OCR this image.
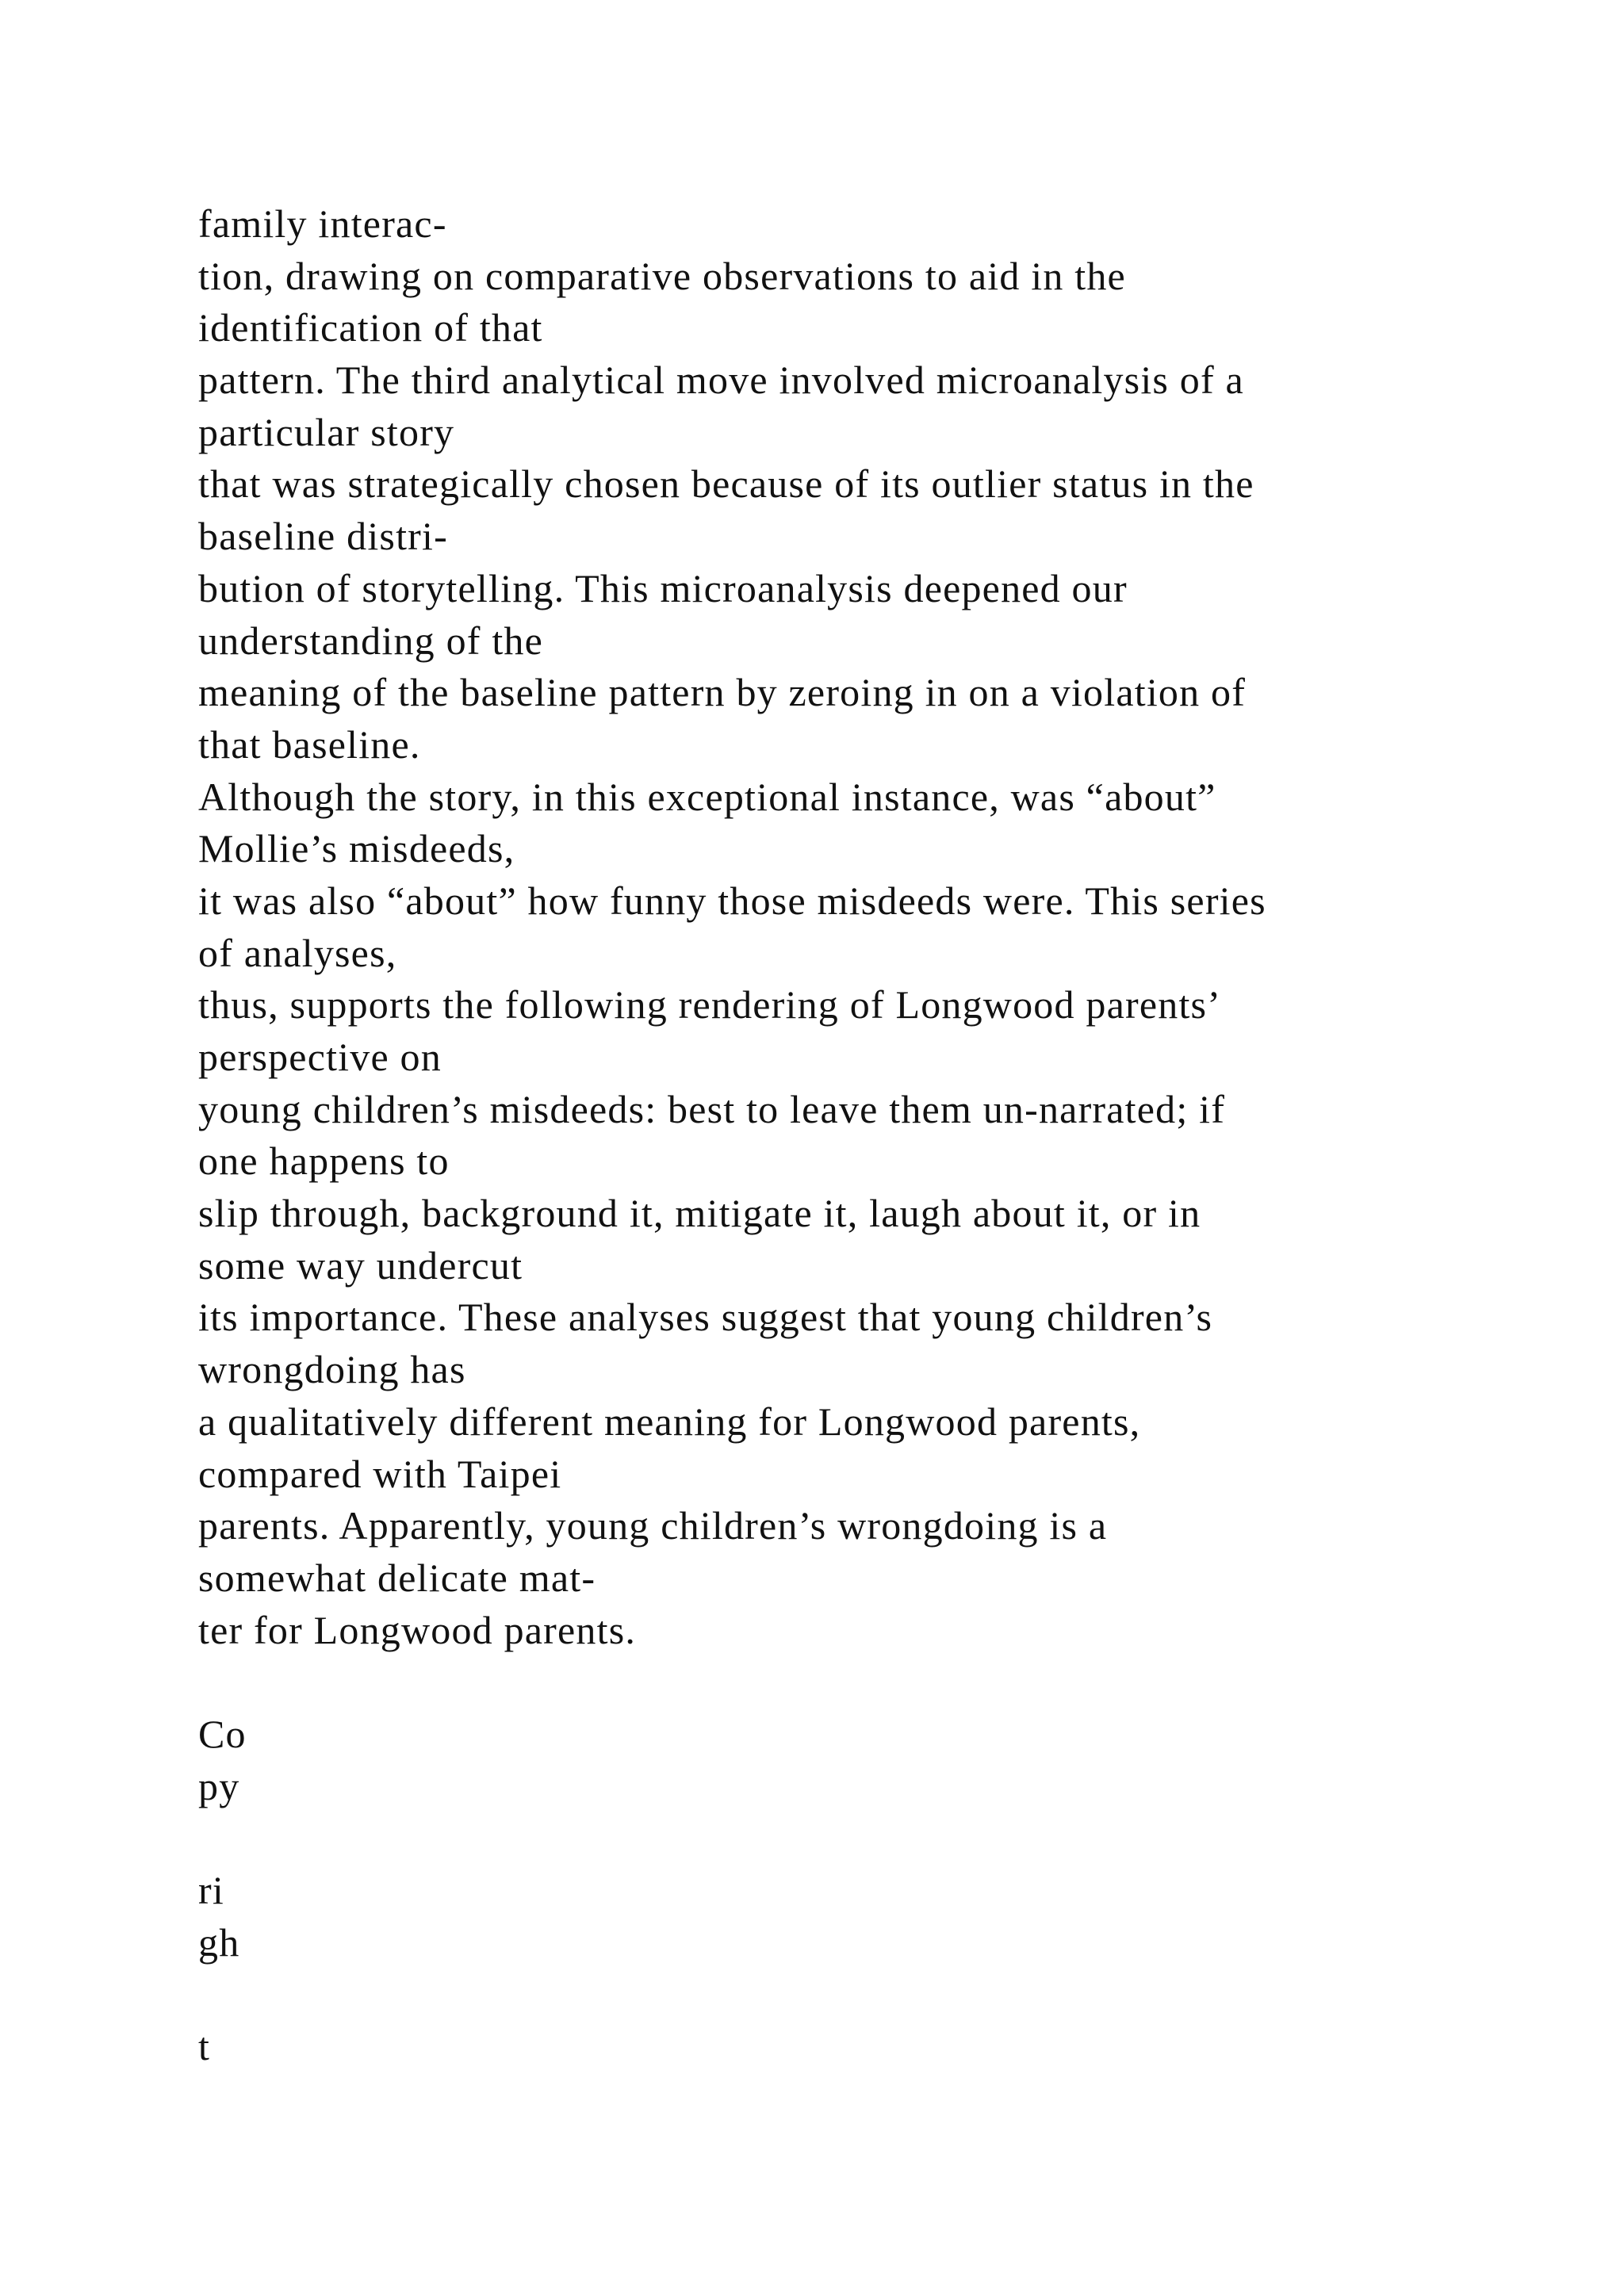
family interac-
tion, drawing on comparative observations to aid in the
identification of that
pattern. The third analytical move involved microanalysis of a
particular story
that was strategically chosen because of its outlier status in the
baseline distri-
bution of storytelling. This microanalysis deepened our
understanding of the
meaning of the baseline pattern by zeroing in on a violation of
that baseline.
Although the story, in this exceptional instance, was “about”
Mollie’s misdeeds,
it was also “about” how funny those misdeeds were. This series
of analyses,
thus, supports the following rendering of Longwood parents’
perspective on
young children’s misdeeds: best to leave them un-narrated; if
one happens to
slip through, background it, mitigate it, laugh about it, or in
some way undercut
its importance. These analyses suggest that young children’s
wrongdoing has
a qualitatively different meaning for Longwood parents,
compared with Taipei
parents. Apparently, young children’s wrongdoing is a
somewhat delicate mat-
ter for Longwood parents.
Co
py
ri
gh
t
